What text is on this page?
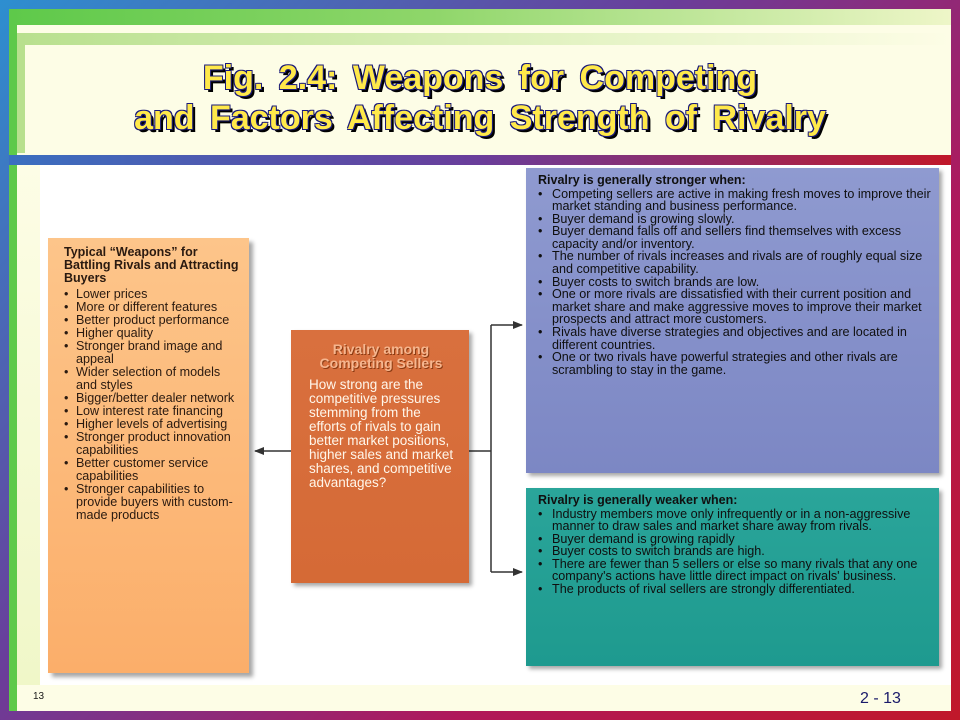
Fig. 2.4: Weapons for Competing
and Factors Affecting Strength of Rivalry
Typical “Weapons” for Battling Rivals and Attracting Buyers
• Lower prices
• More or different features
• Better product performance
• Higher quality
• Stronger brand image and appeal
• Wider selection of models and styles
• Bigger/better dealer network
• Low interest rate financing
• Higher levels of advertising
• Stronger product innovation capabilities
• Better customer service capabilities
• Stronger capabilities to provide buyers with custom-made products
Rivalry among Competing Sellers
How strong are the competitive pressures stemming from the efforts of rivals to gain better market positions, higher sales and market shares, and competitive advantages?
Rivalry is generally stronger when:
• Competing sellers are active in making fresh moves to improve their market standing and business performance.
• Buyer demand is growing slowly.
• Buyer demand falls off and sellers find themselves with excess capacity and/or inventory.
• The number of rivals increases and rivals are of roughly equal size and competitive capability.
• Buyer costs to switch brands are low.
• One or more rivals are dissatisfied with their current position and market share and make aggressive moves to improve their market prospects and attract more customers.
• Rivals have diverse strategies and objectives and are located in different countries.
• One or two rivals have powerful strategies and other rivals are scrambling to stay in the game.
Rivalry is generally weaker when:
• Industry members move only infrequently or in a non-aggressive manner to draw sales and market share away from rivals.
• Buyer demand is growing rapidly
• Buyer costs to switch brands are high.
• There are fewer than 5 sellers or else so many rivals that any one company's actions have little direct impact on rivals' business.
• The products of rival sellers are strongly differentiated.
13	2 - 13
